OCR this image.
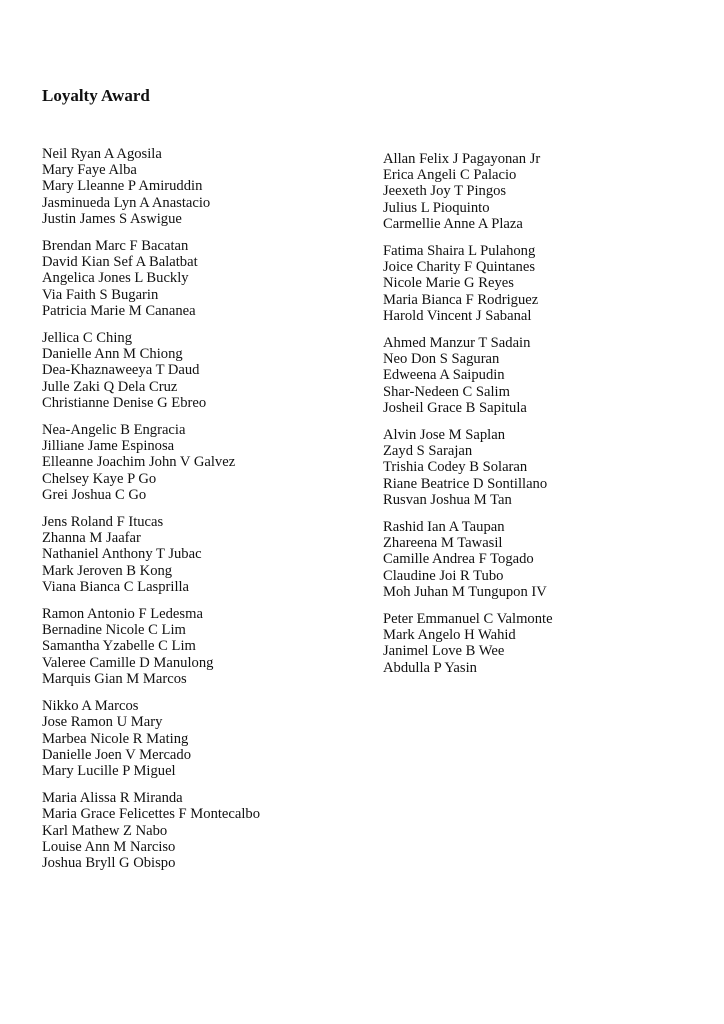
Loyalty Award
Neil Ryan A Agosila
Mary Faye Alba
Mary Lleanne P Amiruddin
Jasminueda Lyn A Anastacio
Justin James S Aswigue
Brendan Marc F Bacatan
David Kian Sef A Balatbat
Angelica Jones L Buckly
Via Faith S Bugarin
Patricia Marie M Cananea
Jellica C Ching
Danielle Ann M Chiong
Dea-Khaznaweeya T Daud
Julle Zaki Q Dela Cruz
Christianne Denise G Ebreo
Nea-Angelic B Engracia
Jilliane Jame Espinosa
Elleanne Joachim John V Galvez
Chelsey Kaye P Go
Grei Joshua C Go
Jens Roland F Itucas
Zhanna M Jaafar
Nathaniel Anthony T Jubac
Mark Jeroven B Kong
Viana Bianca C Lasprilla
Ramon Antonio F Ledesma
Bernadine Nicole C Lim
Samantha Yzabelle C Lim
Valeree Camille D Manulong
Marquis Gian M Marcos
Nikko A Marcos
Jose Ramon U Mary
Marbea Nicole R Mating
Danielle Joen V Mercado
Mary Lucille P Miguel
Maria Alissa R Miranda
Maria Grace Felicettes F Montecalbo
Karl Mathew Z Nabo
Louise Ann M Narciso
Joshua Bryll G Obispo
Allan Felix J Pagayonan Jr
Erica Angeli C Palacio
Jeexeth Joy T Pingos
Julius L Pioquinto
Carmellie Anne A Plaza
Fatima Shaira L Pulahong
Joice Charity F Quintanes
Nicole Marie G Reyes
Maria Bianca F Rodriguez
Harold Vincent J Sabanal
Ahmed Manzur T Sadain
Neo Don S Saguran
Edweena A Saipudin
Shar-Nedeen C Salim
Josheil Grace B Sapitula
Alvin Jose M Saplan
Zayd S Sarajan
Trishia Codey B Solaran
Riane Beatrice D Sontillano
Rusvan Joshua M Tan
Rashid Ian A Taupan
Zhareena M Tawasil
Camille Andrea F Togado
Claudine Joi R Tubo
Moh Juhan M Tungupon IV
Peter Emmanuel C Valmonte
Mark Angelo H Wahid
Janimel Love B Wee
Abdulla P Yasin
